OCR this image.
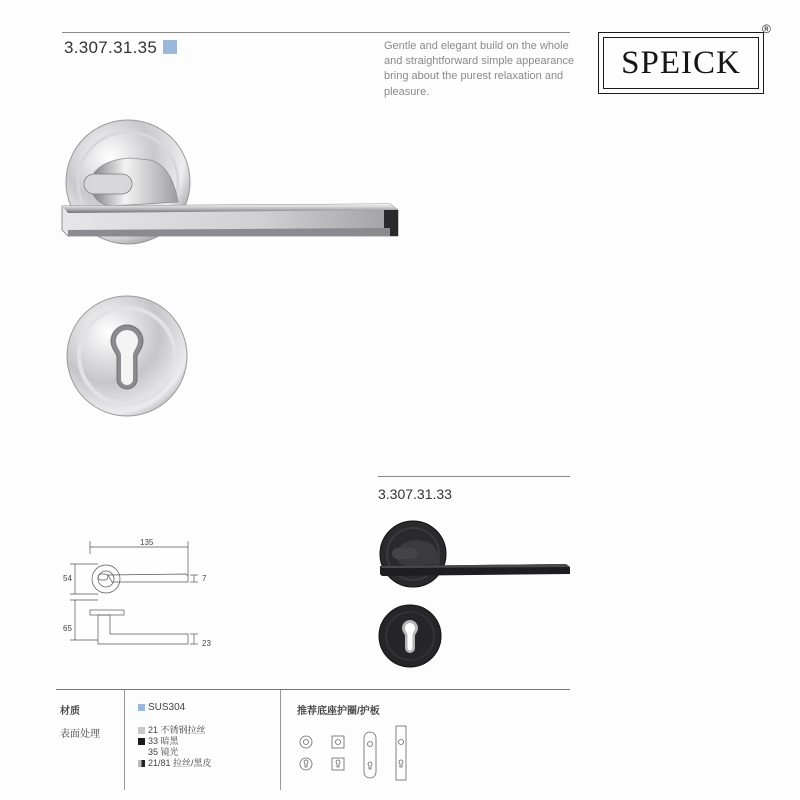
3.307.31.35	Gentle and elegant build on the whole and straightforward simple appearance bring about the purest relaxation and pleasure.
SPEICK
®
3.307.31.33
135
54	7
65
23
材质
表面处理
SUS304
21 不锈钢拉丝
33 暗黑
35 镜光
21/81 拉丝/黑皮
推荐底座护圈/护板
